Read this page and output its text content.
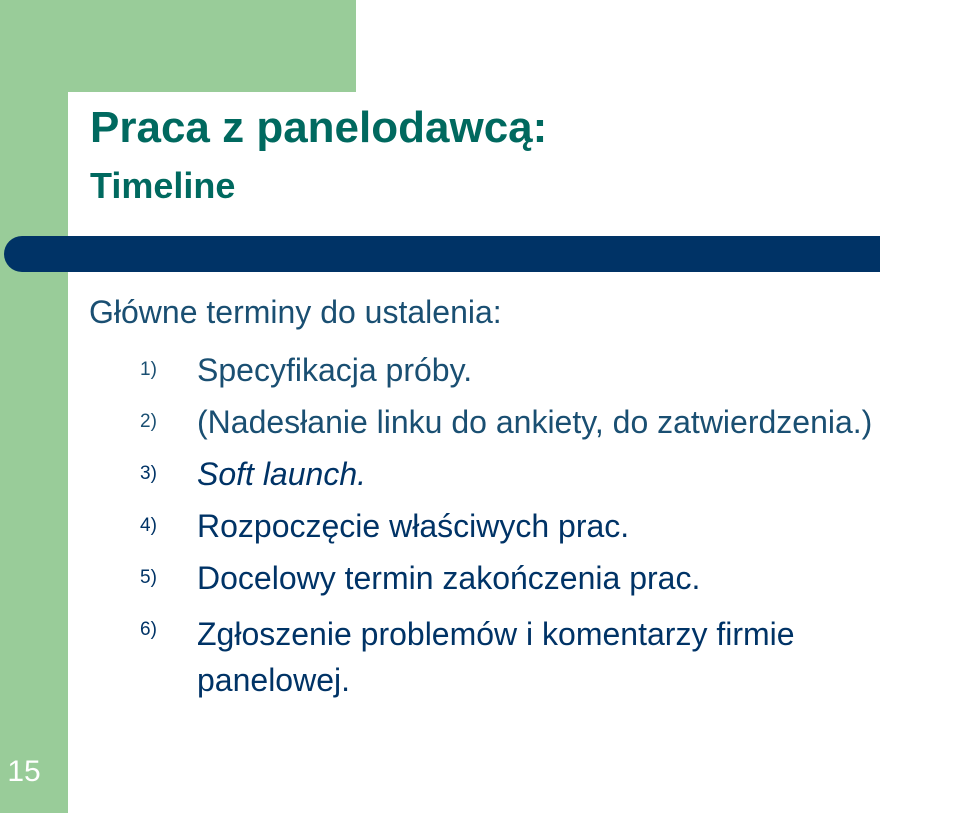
Praca z panelodawcą:
Timeline
Główne terminy do ustalenia:
1)	Specyfikacja próby.
2)	(Nadesłanie linku do ankiety, do zatwierdzenia.)
3)	Soft launch.
4)	Rozpoczęcie właściwych prac.
5)	Docelowy termin zakończenia prac.
6)	Zgłoszenie problemów i komentarzy firmie panelowej.
15
